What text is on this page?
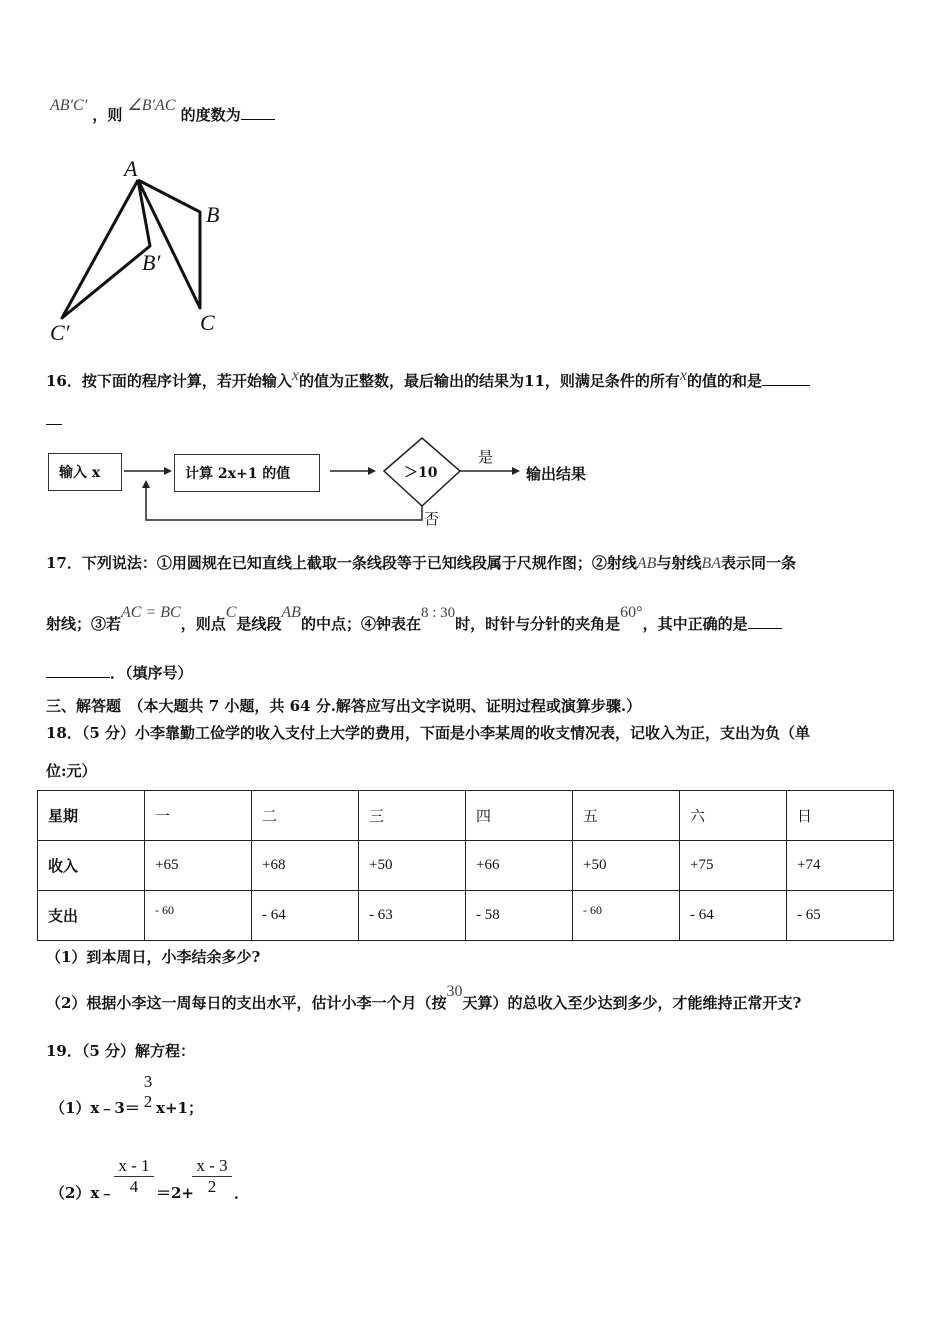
AB′C′ ，则 ∠B′AC 的度数为
A
B
B′
C′	C
16．按下面的程序计算，若开始输入x的值为正整数，最后输出的结果为11，则满足条件的所有x的值的和是
输入 x	计算 2x+1 的值	＞10
是
否
输出结果
17．下列说法：①用圆规在已知直线上截取一条线段等于已知线段属于尺规作图；②射线AB与射线BA表示同一条
射线；③若AC = BC，则点C是线段AB的中点；④钟表在8 : 30时，时针与分针的夹角是60°，其中正确的是
．（填序号）
三、解答题　（本大题共 7 小题，共 64 分.解答应写出文字说明、证明过程或演算步骤.）
18．（5 分）小李靠勤工俭学的收入支付上大学的费用，下面是小李某周的收支情况表，记收入为正，支出为负（单
位:元）
星期	一	二	三	四	五	六	日
收入	+65	+68	+50	+66	+50	+75	+74
支出	$^{- 60}$	- 64	- 63	- 58	$^{- 60}$	- 64	- 65
（1）到本周日，小李结余多少?
（2）根据小李这一周每日的支出水平，估计小李一个月（按30天算）的总收入至少达到多少，才能维持正常开支?
19．（5 分）解方程：
（1）x﹣3＝
3
2 x+1；
（2）x﹣ $\frac{x - 1}{4} =2+$
$\frac{x - 3}{2}$ ．
